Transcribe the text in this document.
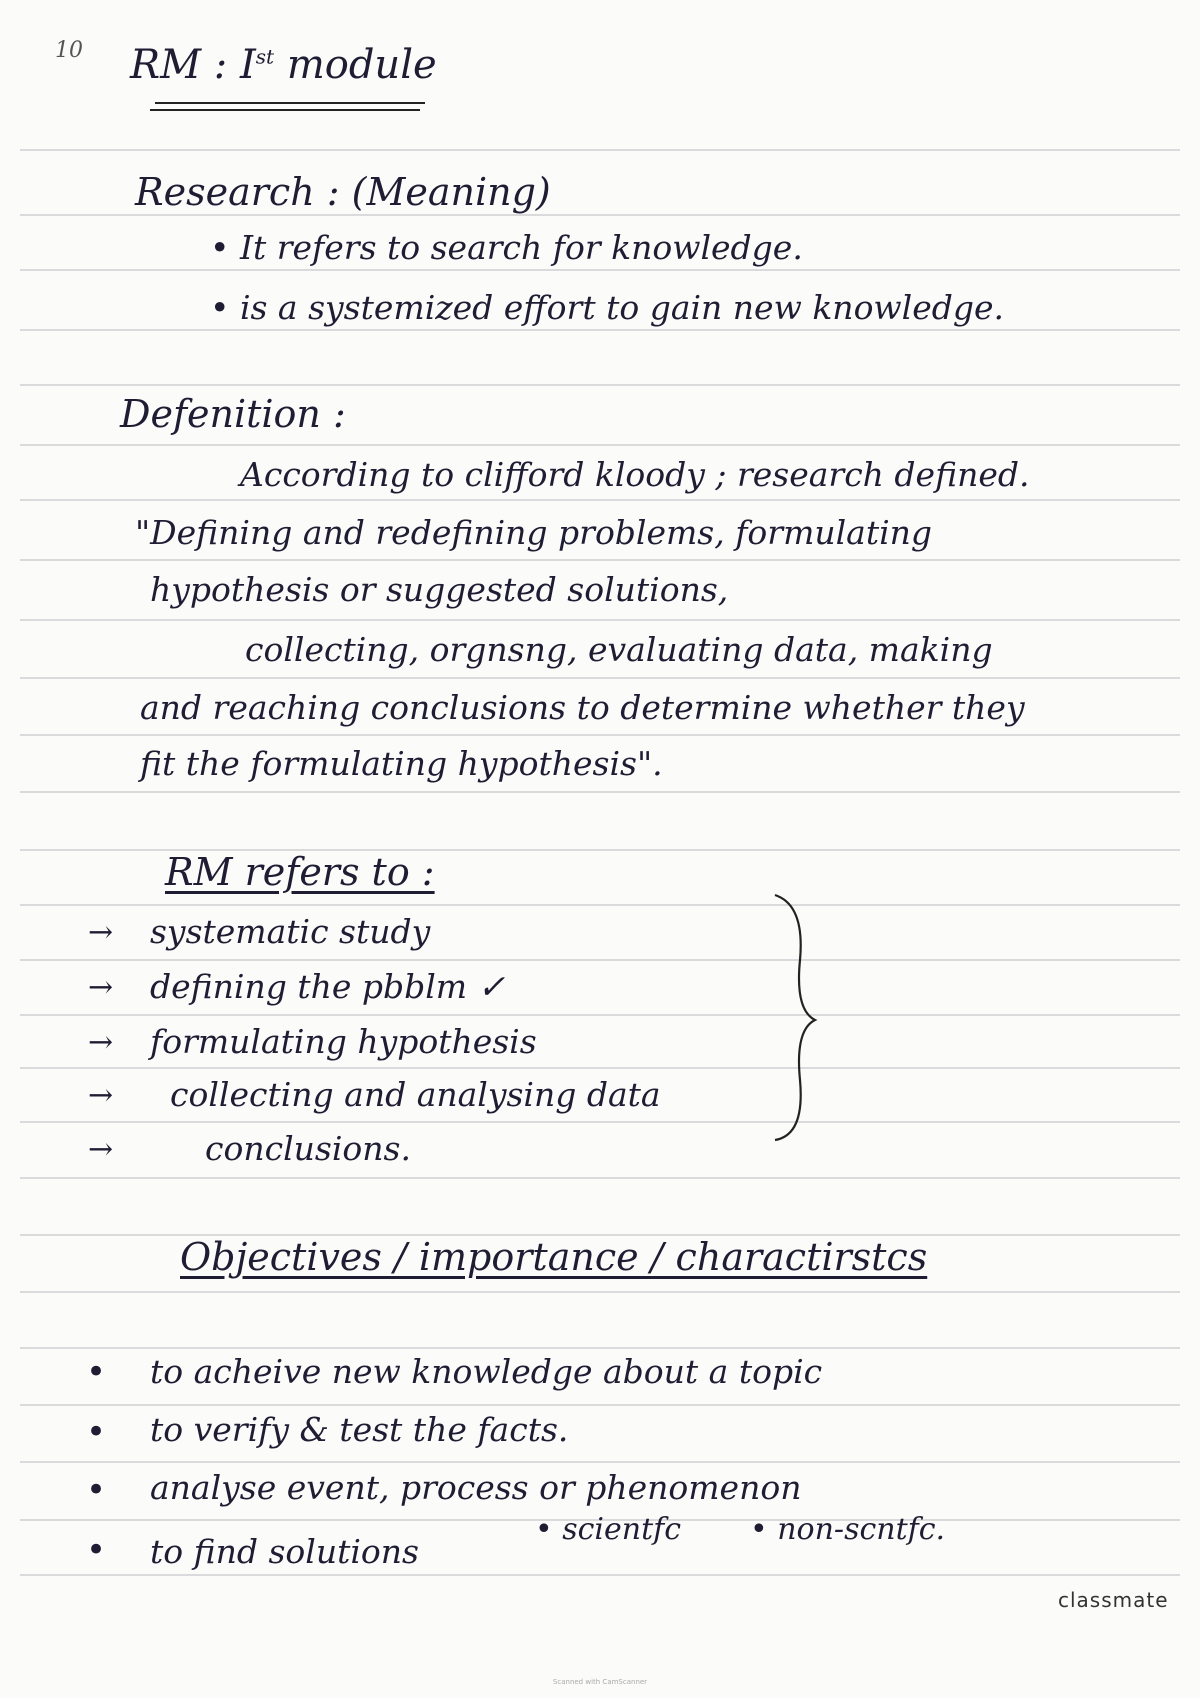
10 RM : Ist module
Research : (Meaning)
• It refers to search for knowledge.
• is a systemized effort to gain new knowledge.
Defenition :
According to clifford kloody ; research defined.
"Defining and redefining problems, formulating
hypothesis or suggested solutions,
collecting, orgnsng, evaluating data, making
and reaching conclusions to determine whether they
fit the formulating hypothesis".
RM refers to :
→ systematic study
→ defining the pbblm ✓
→ formulating hypothesis
→ collecting and analysing data
→	conclusions.
Objectives / importance / charactirstcs
• to acheive new knowledge about a topic
• to verify & test the facts.
• analyse event, process or phenomenon
• to find solutions
• scientfc • non-scntfc.
classmate
Scanned with CamScanner
